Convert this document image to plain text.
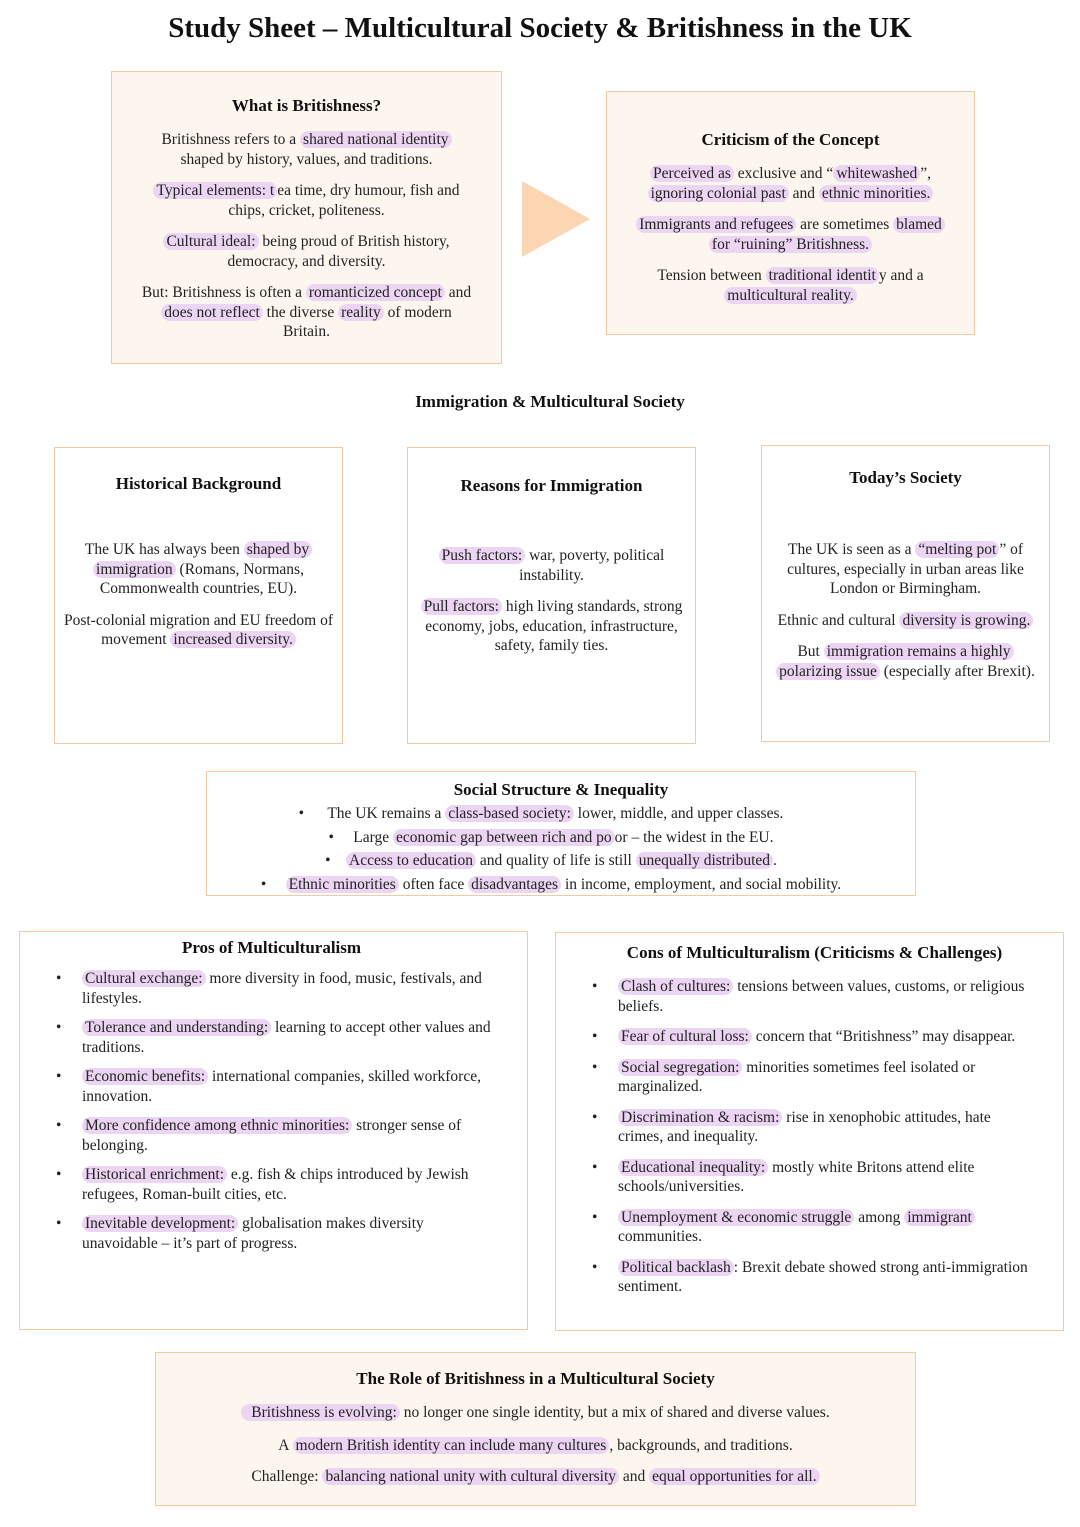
Study Sheet – Multicultural Society & Britishness in the UK
What is Britishness?

Britishness refers to a shared national identity shaped by history, values, and traditions.

Typical elements: t ea time, dry humour, fish and chips, cricket, politeness.

Cultural ideal: being proud of British history, democracy, and diversity.

But: Britishness is often a romanticized concept and does not reflect the diverse reality of modern Britain.

Criticism of the Concept

Perceived as exclusive and “ whitewashed ”, ignoring colonial past and ethnic minorities.

Immigrants and refugees are sometimes blamed for “ruining” Britishness.

Tension between traditional identit y and a multicultural reality.

Immigration & Multicultural Society
Historical Background

The UK has always been shaped by immigration (Romans, Normans, Commonwealth countries, EU).

Post-colonial migration and EU freedom of movement increased diversity.

Reasons for Immigration

Push factors: war, poverty, political instability.

Pull factors: high living standards, strong economy, jobs, education, infrastructure, safety, family ties.

Today’s Society

The UK is seen as a “melting pot ” of cultures, especially in urban areas like London or Birmingham.

Ethnic and cultural diversity is growing.

But immigration remains a highly polarizing issue (especially after Brexit).

Social Structure & Inequality
•      The UK remains a class-based society: lower, middle, and upper classes.
•     Large economic gap between rich and po or – the widest in the EU.
•    Access to education and quality of life is still unequally distributed .
•     Ethnic minorities often face disadvantages in income, employment, and social mobility.
Pros of Multiculturalism
• Cultural exchange: more diversity in food, music, festivals, and lifestyles.
• Tolerance and understanding: learning to accept other values and traditions.
• Economic benefits: international companies, skilled workforce, innovation.
• More confidence among ethnic minorities: stronger sense of belonging.
• Historical enrichment: e.g. fish & chips introduced by Jewish refugees, Roman-built cities, etc.
• Inevitable development: globalisation makes diversity unavoidable – it’s part of progress.
Cons of Multiculturalism (Criticisms & Challenges)
• Clash of cultures: tensions between values, customs, or religious beliefs.
• Fear of cultural loss: concern that “Britishness” may disappear.
• Social segregation: minorities sometimes feel isolated or marginalized.
• Discrimination & racism: rise in xenophobic attitudes, hate crimes, and inequality.
• Educational inequality: mostly white Britons attend elite schools/universities.
• Unemployment & economic struggle among immigrant communities.
• Political backlash : Brexit debate showed strong anti-immigration sentiment.
The Role of Britishness in a Multicultural Society

Britishness is evolving: no longer one single identity, but a mix of shared and diverse values.

A modern British identity can include many cultures , backgrounds, and traditions.

Challenge: balancing national unity with cultural diversity and equal opportunities for all.
